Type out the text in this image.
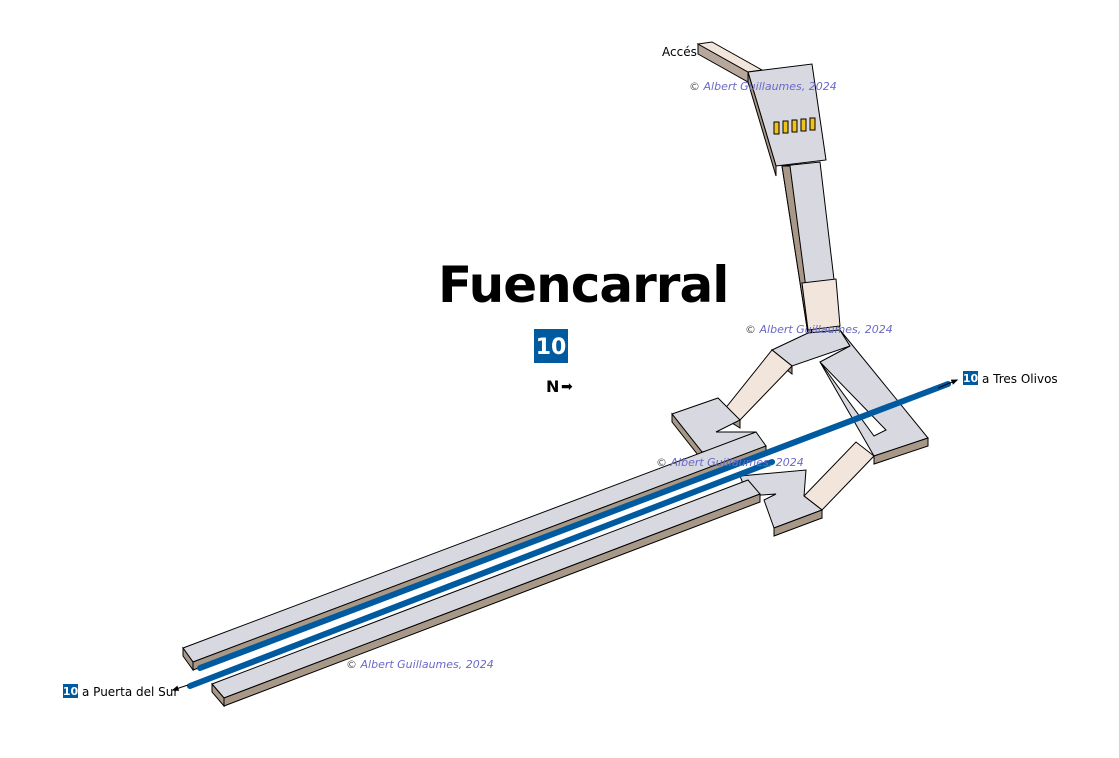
Fuencarral
10
N ➡
10 a Tres Olivos
10 a Puerta del Sur
Accés
© Albert Guillaumes, 2024
© Albert Guillaumes, 2024
© Albert Guillaumes, 2024
© Albert Guillaumes, 2024
